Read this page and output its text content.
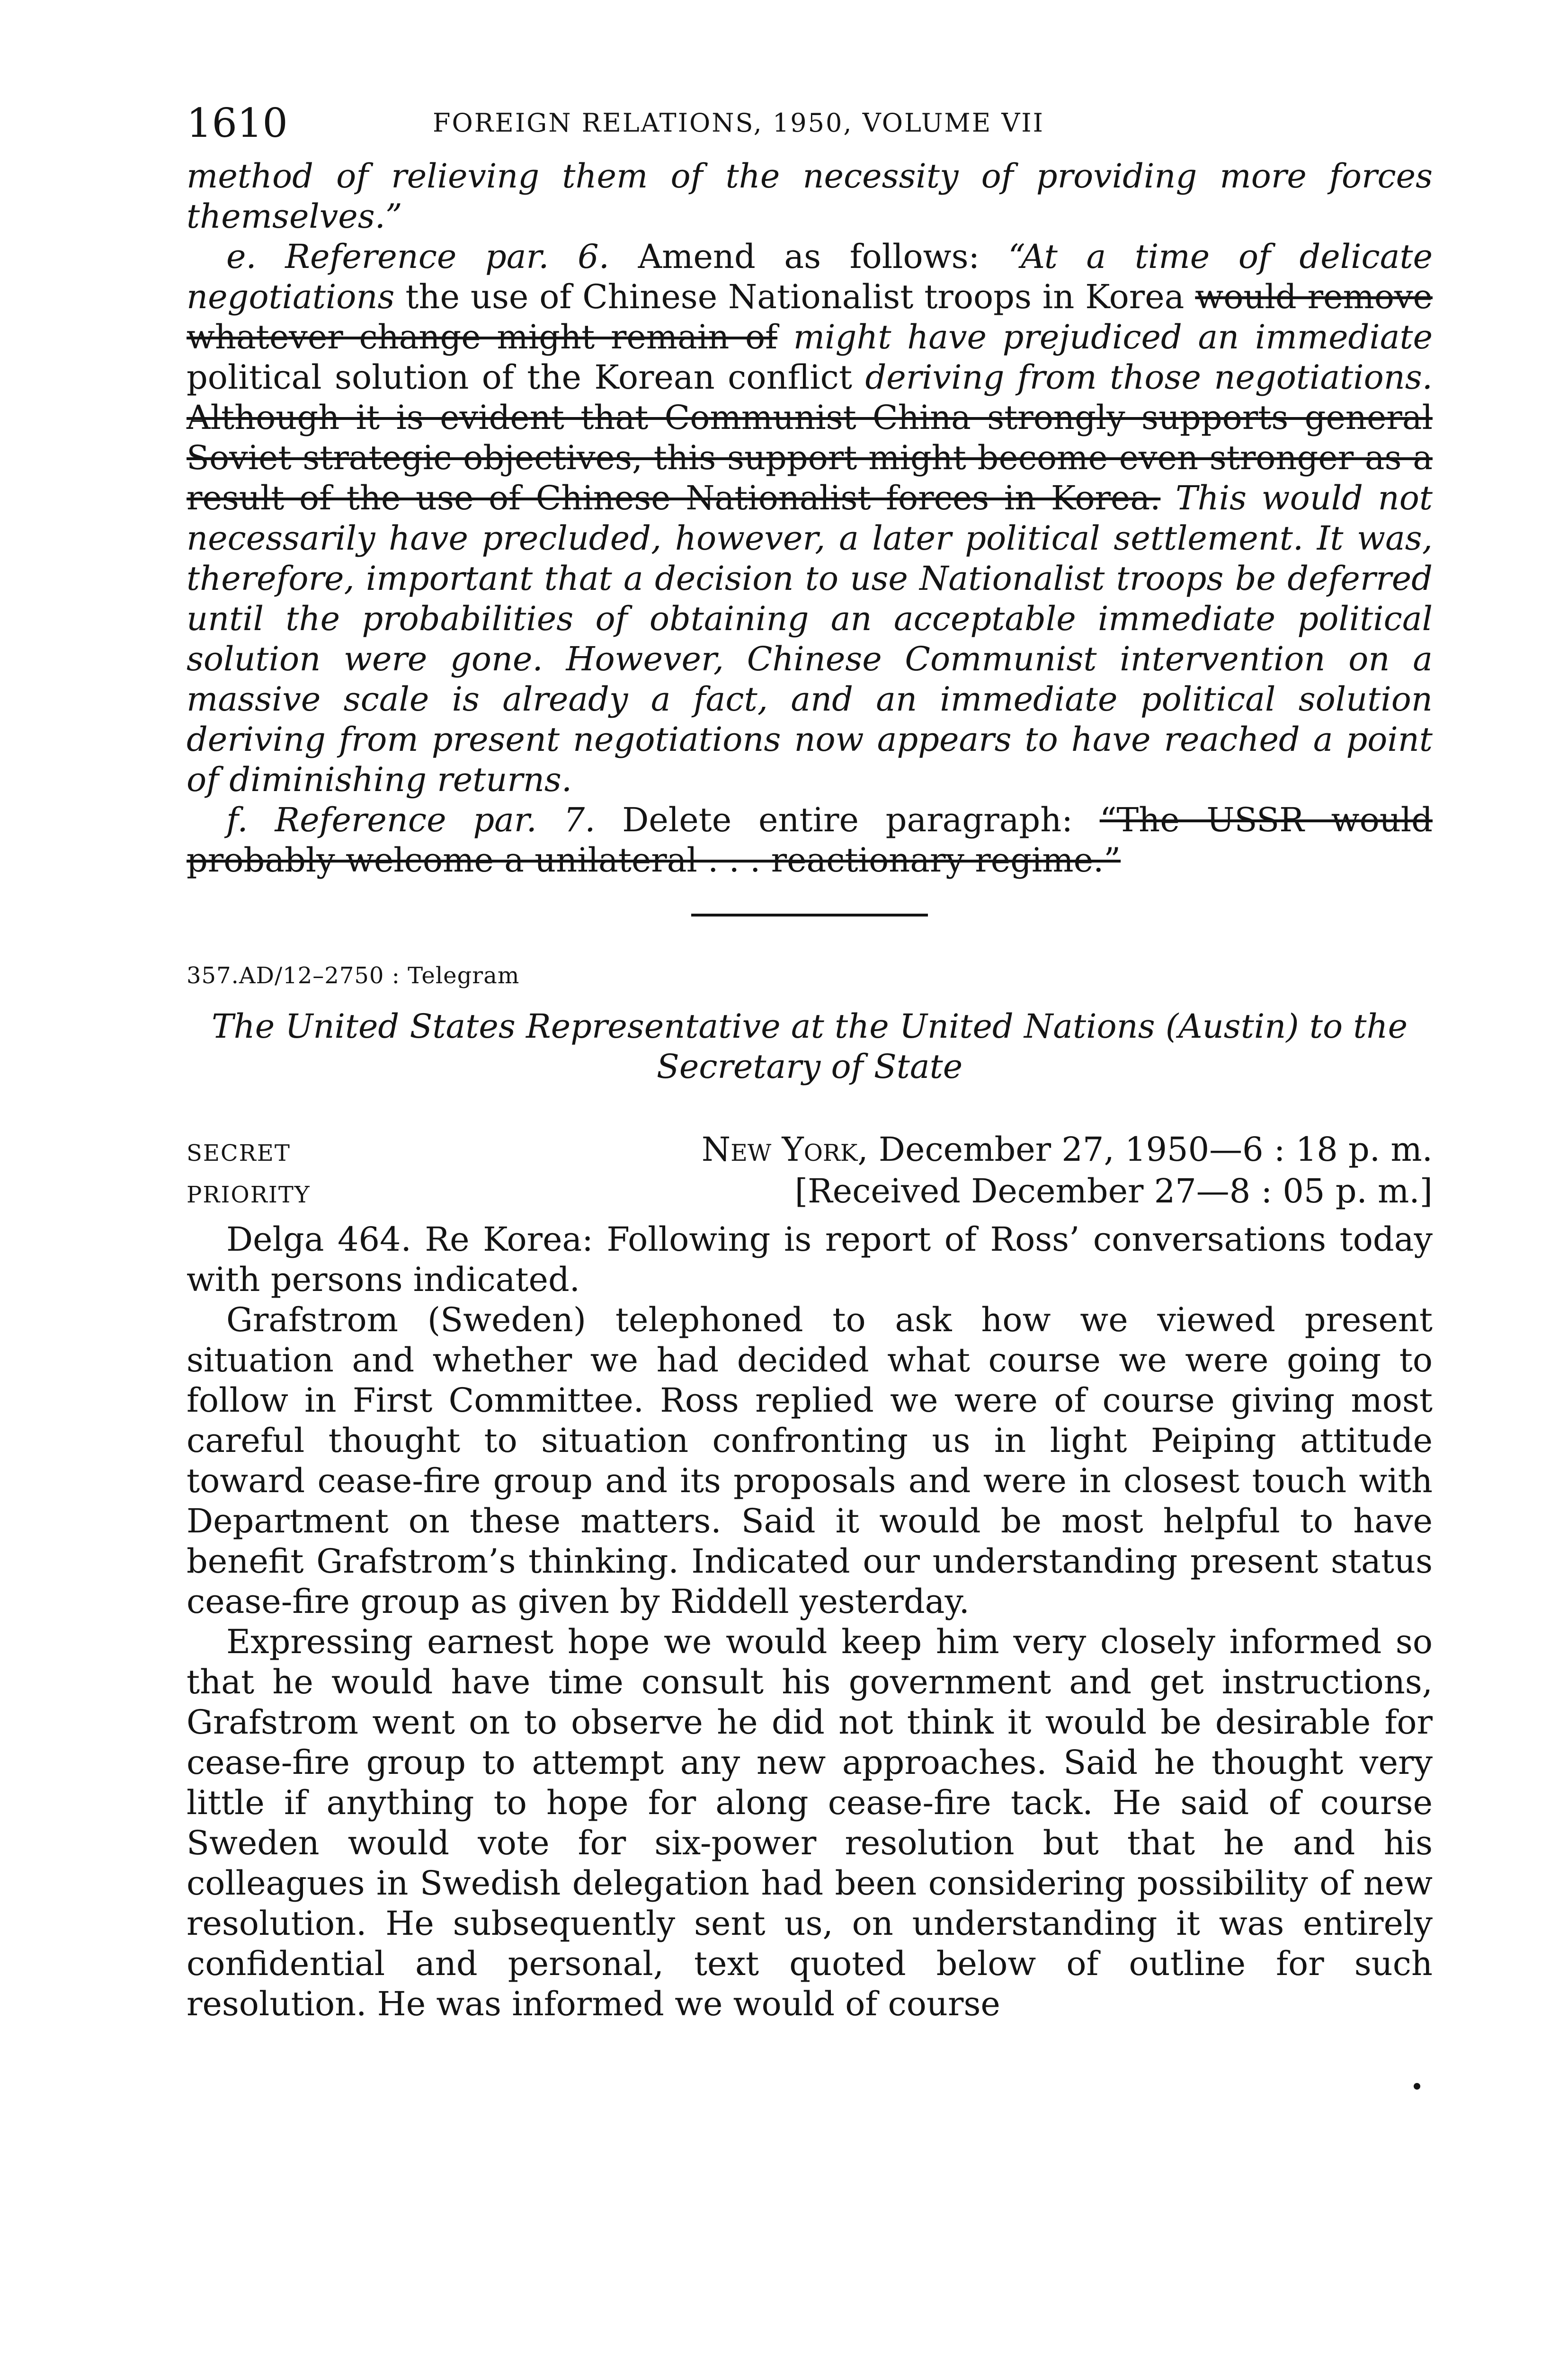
1610	FOREIGN RELATIONS, 1950, VOLUME VII

method of relieving them of the necessity of providing more forces themselves.”

e. Reference par. 6. Amend as follows: “At a time of delicate negotiations the use of Chinese Nationalist troops in Korea would remove whatever change might remain of might have prejudiced an immediate political solution of the Korean conflict deriving from those negotiations. Although it is evident that Communist China strongly supports general Soviet strategic objectives, this support might become even stronger as a result of the use of Chinese Nationalist forces in Korea. This would not necessarily have precluded, however, a later political settlement. It was, therefore, important that a decision to use Nationalist troops be deferred until the probabilities of obtaining an acceptable immediate political solution were gone. However, Chinese Communist intervention on a massive scale is already a fact, and an immediate political solution deriving from present negotiations now appears to have reached a point of diminishing returns.

f. Reference par. 7. Delete entire paragraph: “The USSR would probably welcome a unilateral . . . reactionary regime.”

357.AD/12–2750 : Telegram

The United States Representative at the United Nations (Austin) to the Secretary of State

SECRET	New York, December 27, 1950—6 : 18 p. m.
PRIORITY	[Received December 27—8 : 05 p. m.]

Delga 464. Re Korea: Following is report of Ross’ conversations today with persons indicated.

Grafstrom (Sweden) telephoned to ask how we viewed present situation and whether we had decided what course we were going to follow in First Committee. Ross replied we were of course giving most careful thought to situation confronting us in light Peiping attitude toward cease-fire group and its proposals and were in closest touch with Department on these matters. Said it would be most helpful to have benefit Grafstrom’s thinking. Indicated our understanding present status cease-fire group as given by Riddell yesterday.

Expressing earnest hope we would keep him very closely informed so that he would have time consult his government and get instructions, Grafstrom went on to observe he did not think it would be desirable for cease-fire group to attempt any new approaches. Said he thought very little if anything to hope for along cease-fire tack. He said of course Sweden would vote for six-power resolution but that he and his colleagues in Swedish delegation had been considering possibility of new resolution. He subsequently sent us, on understanding it was entirely confidential and personal, text quoted below of outline for such resolution. He was informed we would of course
